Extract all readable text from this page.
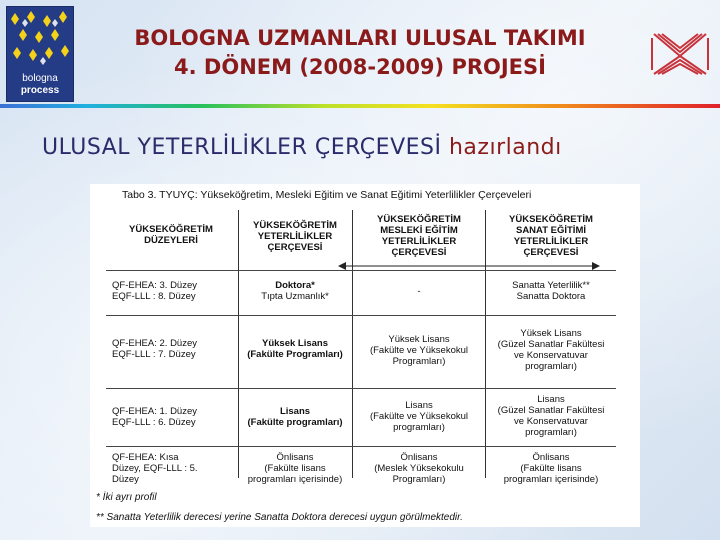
bologna
process
BOLOGNA UZMANLARI ULUSAL TAKIMI
4. DÖNEM (2008-2009) PROJESİ
ULUSAL YETERLİLİKLER ÇERÇEVESİ hazırlandı
Tabo 3. TYUYÇ: Yükseköğretim, Mesleki Eğitim ve Sanat Eğitimi Yeterlilikler Çerçeveleri
YÜKSEKÖĞRETİM
DÜZEYLERİ
YÜKSEKÖĞRETİM
YETERLİLİKLER
ÇERÇEVESİ
YÜKSEKÖĞRETİM
MESLEKİ EĞİTİM
YETERLİLİKLER
ÇERÇEVESİ
YÜKSEKÖĞRETİM
SANAT EĞİTİMİ
YETERLİLİKLER
ÇERÇEVESİ
QF-EHEA: 3. Düzey
EQF-LLL : 8. Düzey
Doktora*
Tıpta Uzmanlık*	-
Sanatta Yeterlilik**
Sanatta Doktora
QF-EHEA: 2. Düzey
EQF-LLL : 7. Düzey
Yüksek Lisans
(Fakülte Programları)
Yüksek Lisans
(Fakülte ve Yüksekokul
Programları)
Yüksek Lisans
(Güzel Sanatlar Fakültesi
ve Konservatuvar
programları)
QF-EHEA: 1. Düzey
EQF-LLL : 6. Düzey
Lisans
(Fakülte programları)
Lisans
(Fakülte ve Yüksekokul
programları)
Lisans
(Güzel Sanatlar Fakültesi
ve Konservatuvar
programları)
QF-EHEA: Kısa
Düzey, EQF-LLL : 5.
Düzey
Önlisans
(Fakülte lisans
programları içerisinde)
Önlisans
(Meslek Yüksekokulu
Programları)
Önlisans
(Fakülte lisans
programları içerisinde)
* İki ayrı profil
** Sanatta Yeterlilik derecesi yerine Sanatta Doktora derecesi uygun görülmektedir.
